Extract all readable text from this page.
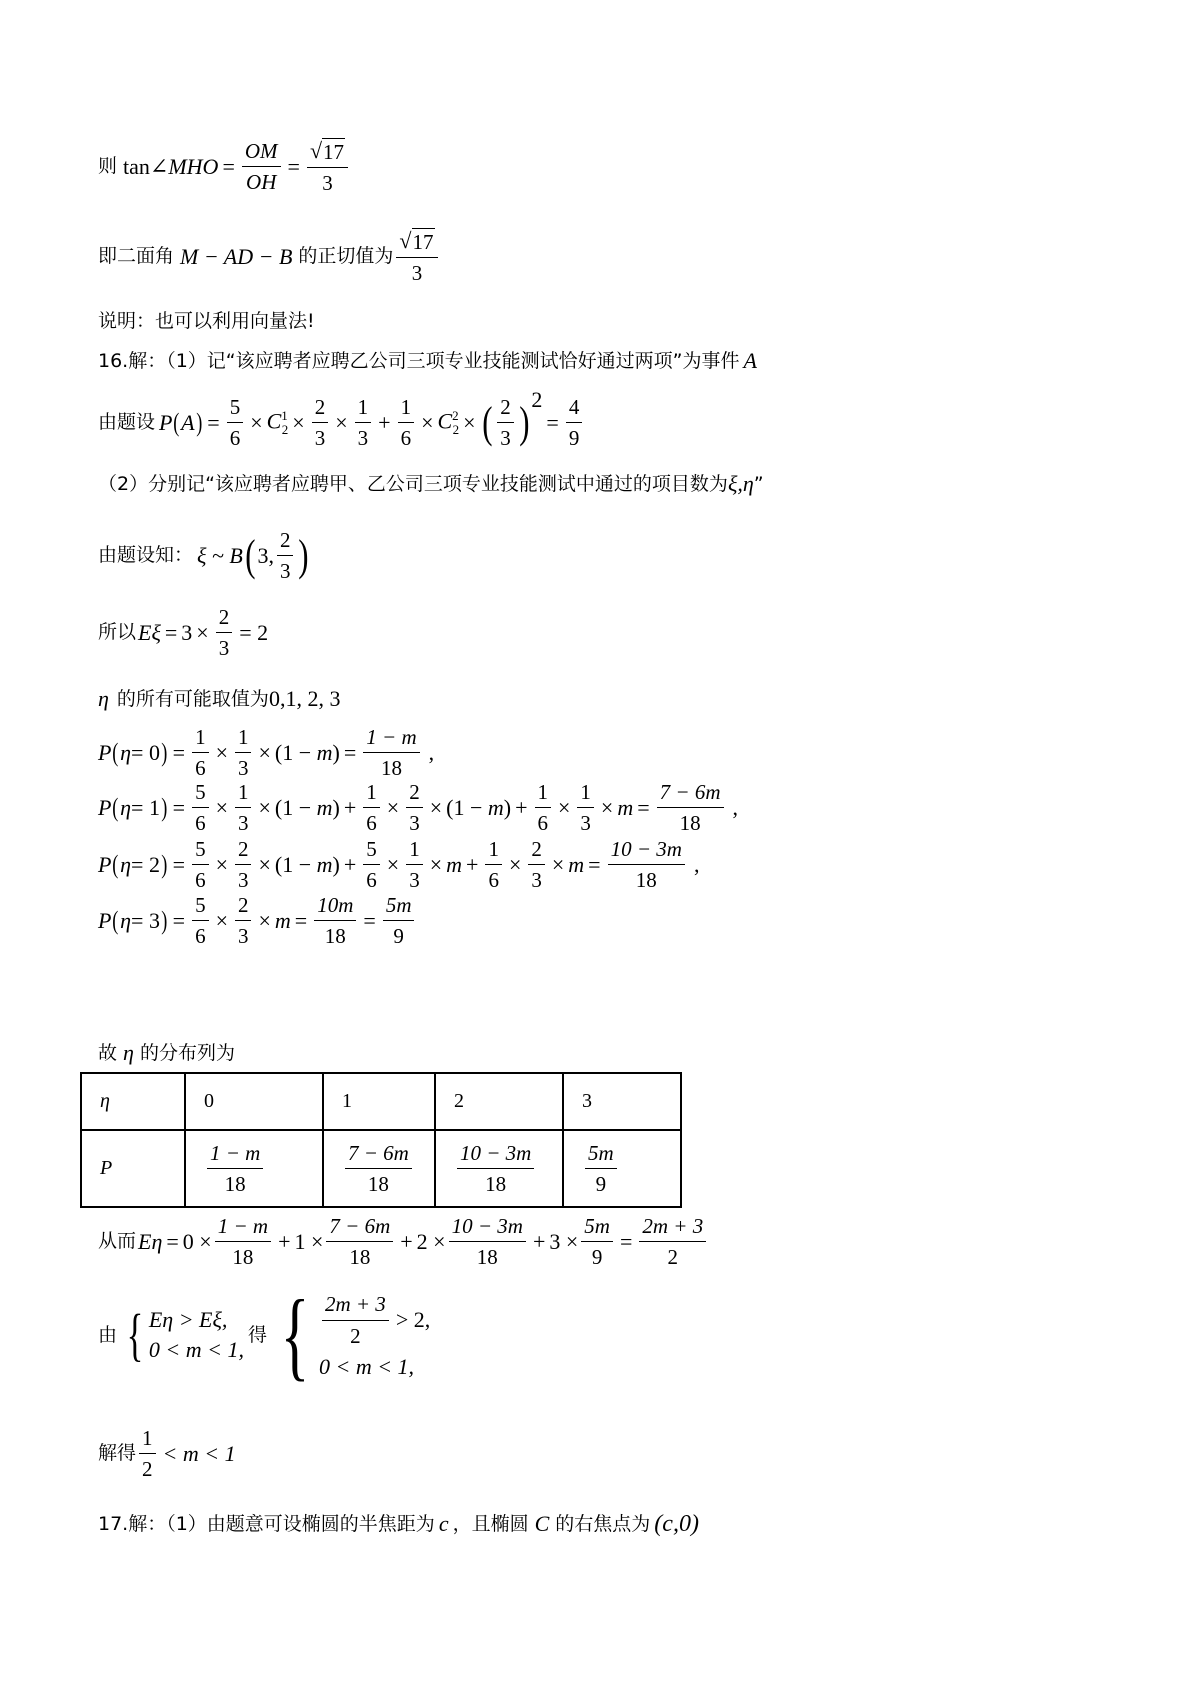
则 tan ∠ MHO = $\frac{OM}{OH} = \frac{√ 17}{3}$
即二面角 M − AD − B 的正切值为 $\frac{√ 17}{3}$
说明：也可以利用向量法!
16.解：（1）记“该应聘者应聘乙公司三项专业技能测试恰好通过两项”为事件 A
由题设 P ( A ) = $\frac{5}{6} \times C^1_2 \times \frac{2}{3} \times \frac{1}{3} + \frac{1}{6} \times C^2_2$ × ( $\frac{2}{3}$ ) 2
= $\frac{4}{9}$
（2）分别记“该应聘者应聘甲、乙公司三项专业技能测试中通过的项目数为 ξ,η ”
由题设知： ξ ~ B ( 3, $\frac{2}{3}$ )
所以 $E\xi = 3 \times \frac{2}{3} = 2$
η 的所有可能取值为 0,1, 2, 3
P ( η = 0 ) = $\frac{1}{6} \times \frac{1}{3} \times (1 - m) = \frac{1 - m}{18}$ ,
P ( η = 1 ) = $\frac{5}{6} \times \frac{1}{3} \times (1 - m) + \frac{1}{6} \times \frac{2}{3} \times (1 - m) + \frac{1}{6} \times \frac{1}{3} \times m = \frac{7 - 6m}{18}$ ,
P ( η = 2 ) = $\frac{5}{6} \times \frac{2}{3} \times (1 - m) + \frac{5}{6} \times \frac{1}{3} \times m + \frac{1}{6} \times \frac{2}{3} \times m = \frac{10 - 3m}{18}$ ,
P ( η = 3 ) = $\frac{5}{6} \times \frac{2}{3} \times m = \frac{10m}{18} = \frac{5m}{9}$
故 η 的分布列为
η	0	1	2	3
P	$\frac{1 - m}{18}$	$\frac{7 - 6m}{18}$	$\frac{10 - 3m}{18}$	$\frac{5m}{9}$
从而 $E\eta = 0 \times \frac{1 - m}{18} + 1 \times \frac{7 - 6m}{18} + 2 \times \frac{10 - 3m}{18} + 3 \times \frac{5m}{9} = \frac{2m + 3}{2}$
由 { Eη > Eξ,
0 < m < 1,
得 { $\frac{2m + 3}{2} > 2$,
0 < m < 1,
解得 $\frac{1}{2} < m < 1$
17.解：（1）由题意可设椭圆的半焦距为 c ，且椭圆 C 的右焦点为 (c,0)
